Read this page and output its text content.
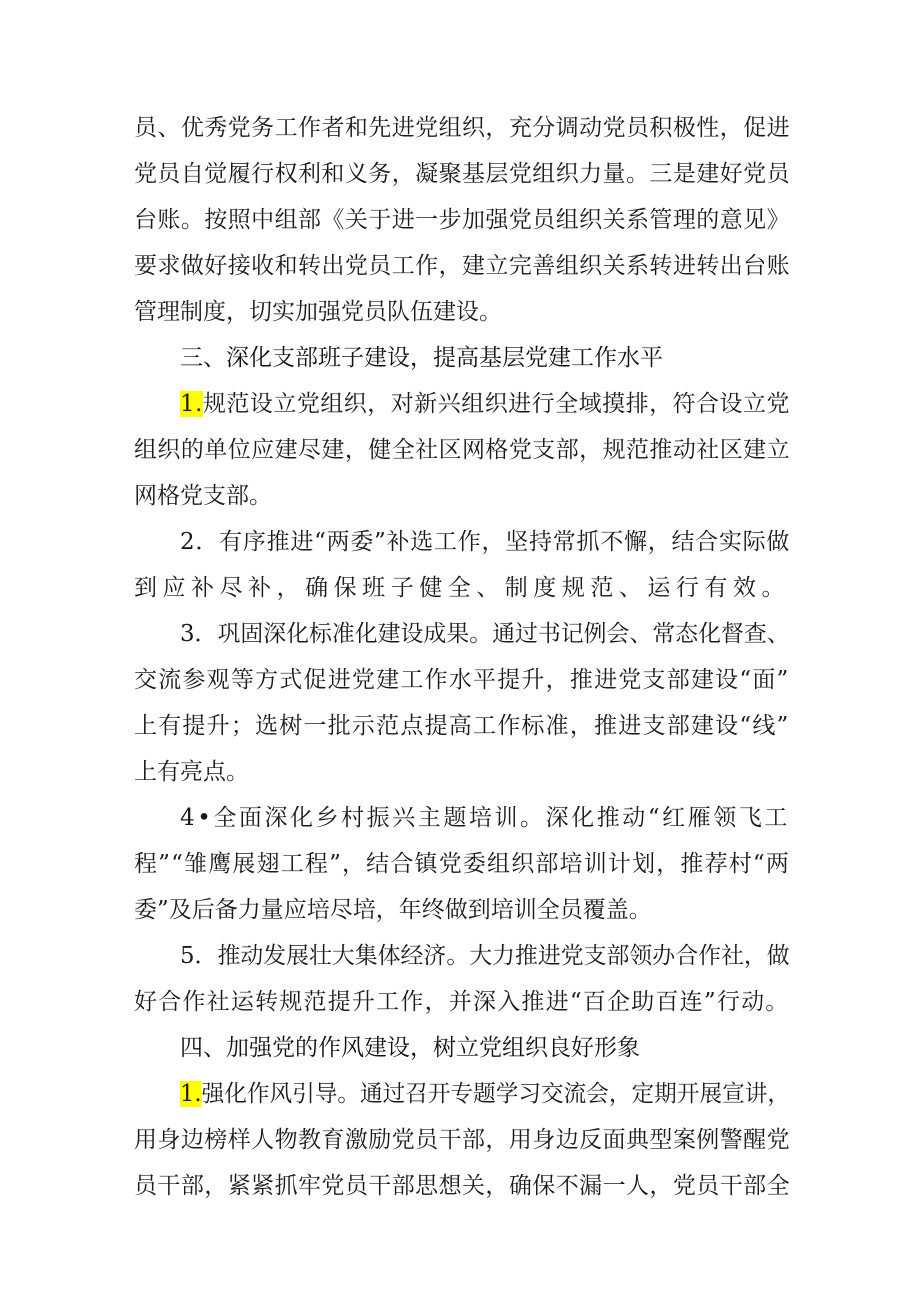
员、优秀党务工作者和先进党组织，充分调动党员积极性，促进
党员自觉履行权利和义务，凝聚基层党组织力量。三是建好党员
台账。按照中组部《关于进一步加强党员组织关系管理的意见》
要求做好接收和转出党员工作，建立完善组织关系转进转出台账
管理制度，切实加强党员队伍建设。
三、深化支部班子建设，提高基层党建工作水平
1.规范设立党组织，对新兴组织进行全域摸排，符合设立党
组织的单位应建尽建，健全社区网格党支部，规范推动社区建立
网格党支部。
2．有序推进“两委”补选工作，坚持常抓不懈，结合实际做
到应补尽补，确保班子健全、制度规范、运行有效。
3．巩固深化标准化建设成果。通过书记例会、常态化督查、
交流参观等方式促进党建工作水平提升，推进党支部建设“面”
上有提升；选树一批示范点提高工作标准，推进支部建设“线”
上有亮点。
4•全面深化乡村振兴主题培训。深化推动“红雁领飞工
程”“雏鹰展翅工程”，结合镇党委组织部培训计划，推荐村“两
委”及后备力量应培尽培，年终做到培训全员覆盖。
5．推动发展壮大集体经济。大力推进党支部领办合作社，做
好合作社运转规范提升工作，并深入推进“百企助百连”行动。
四、加强党的作风建设，树立党组织良好形象
1.强化作风引导。通过召开专题学习交流会，定期开展宣讲，
用身边榜样人物教育激励党员干部，用身边反面典型案例警醒党
员干部，紧紧抓牢党员干部思想关，确保不漏一人，党员干部全
